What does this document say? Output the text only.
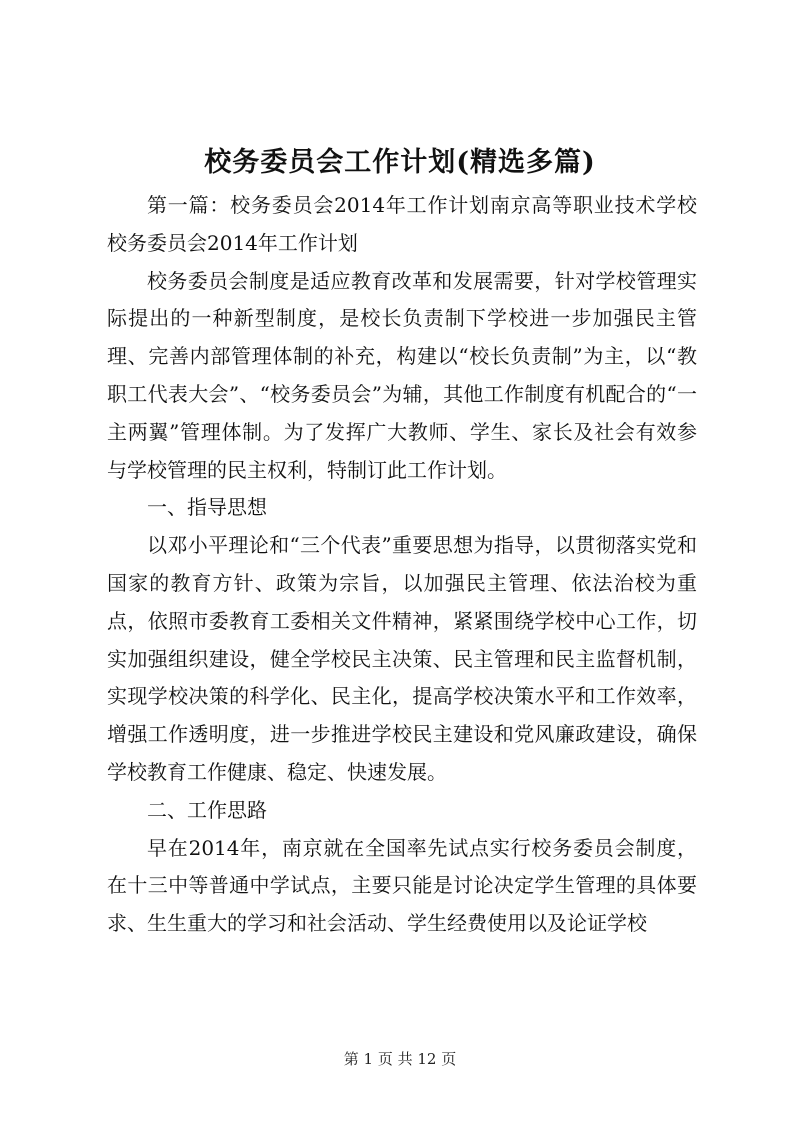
校务委员会工作计划(精选多篇)

第一篇：校务委员会2014年工作计划南京高等职业技术学校校务委员会2014年工作计划

校务委员会制度是适应教育改革和发展需要，针对学校管理实际提出的一种新型制度，是校长负责制下学校进一步加强民主管理、完善内部管理体制的补充，构建以“校长负责制”为主，以“教职工代表大会”、“校务委员会”为辅，其他工作制度有机配合的“一主两翼”管理体制。为了发挥广大教师、学生、家长及社会有效参与学校管理的民主权利，特制订此工作计划。

一、指导思想

以邓小平理论和“三个代表”重要思想为指导，以贯彻落实党和国家的教育方针、政策为宗旨，以加强民主管理、依法治校为重点，依照市委教育工委相关文件精神，紧紧围绕学校中心工作，切实加强组织建设，健全学校民主决策、民主管理和民主监督机制，实现学校决策的科学化、民主化，提高学校决策水平和工作效率，增强工作透明度，进一步推进学校民主建设和党风廉政建设，确保学校教育工作健康、稳定、快速发展。

二、工作思路

早在2014年，南京就在全国率先试点实行校务委员会制度，在十三中等普通中学试点，主要只能是讨论决定学生管理的具体要求、生生重大的学习和社会活动、学生经费使用以及论证学校

第 1 页 共 12 页
